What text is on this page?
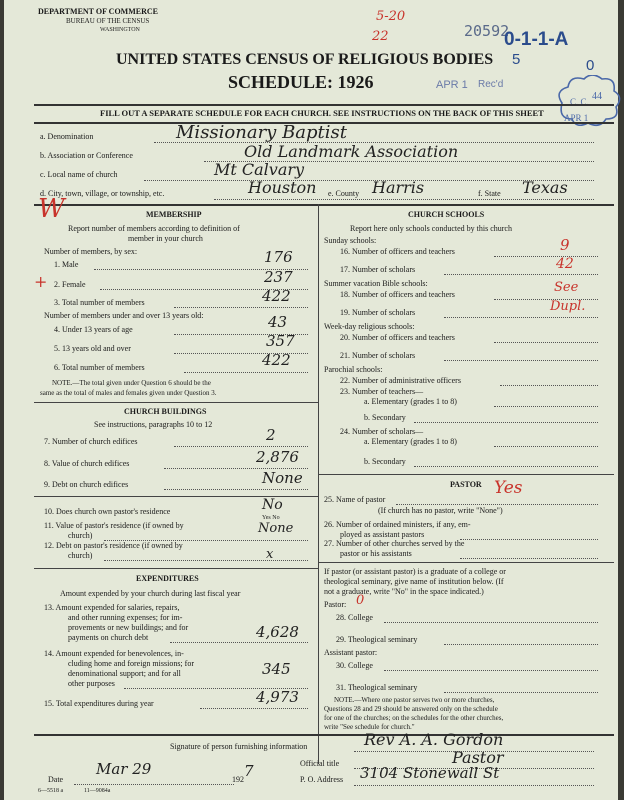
DEPARTMENT OF COMMERCE
BUREAU OF THE CENSUS
WASHINGTON
5-20
22	20592
0-1-1-A
5	0
UNITED STATES CENSUS OF RELIGIOUS BODIES
SCHEDULE: 1926	APR 1 Rec'd
C. C.
APR 1
44
FILL OUT A SEPARATE SCHEDULE FOR EACH CHURCH. SEE INSTRUCTIONS ON THE BACK OF THIS SHEET
a. Denomination	Missionary Baptist
b. Association or Conference	Old Landmark Association
c. Local name of church	Mt Calvary
d. City, town, village, or township, etc.	Houston e. County Harris	f. State Texas
W	MEMBERSHIP
Report number of members according to definition of
member in your church
Number of members, by sex:
1. Male	176
+ 2. Female	237
3. Total number of members	422
Number of members under and over 13 years old:
4. Under 13 years of age	43
5. 13 years old and over	357
6. Total number of members	422
NOTE.—The total given under Question 6 should be the
same as the total of males and females given under Question 3.
CHURCH BUILDINGS
See instructions, paragraphs 10 to 12
7. Number of church edifices	2
8. Value of church edifices	2,876
9. Debt on church edifices	None
10. Does church own pastor's residence	No
Yes No
11. Value of pastor's residence (if owned by
church)	None
12. Debt on pastor's residence (if owned by
church)	x
EXPENDITURES
Amount expended by your church during last fiscal year
13. Amount expended for salaries, repairs,
and other running expenses; for im-
provements or new buildings; and for
payments on church debt	4,628
14. Amount expended for benevolences, in-
cluding home and foreign missions; for
denominational support; and for all
other purposes
345
15. Total expenditures during year	4,973
CHURCH SCHOOLS
Report here only schools conducted by this church
Sunday schools:
16. Number of officers and teachers	9
17. Number of scholars	42
Summer vacation Bible schools:
18. Number of officers and teachers	See
19. Number of scholars	Dupl.
Week-day religious schools:
20. Number of officers and teachers
21. Number of scholars
Parochial schools:
22. Number of administrative officers
23. Number of teachers—
a. Elementary (grades 1 to 8)
b. Secondary
24. Number of scholars—
a. Elementary (grades 1 to 8)
b. Secondary
PASTOR
25. Name of pastor
Yes
(If church has no pastor, write "None")
26. Number of ordained ministers, if any, em-
ployed as assistant pastors
27. Number of other churches served by the
pastor or his assistants
If pastor (or assistant pastor) is a graduate of a college or
theological seminary, give name of institution below. (If
not a graduate, write "No" in the space indicated.)
Pastor: 0
28. College
29. Theological seminary
Assistant pastor:
30. College
31. Theological seminary
NOTE.—Where one pastor serves two or more churches,
Questions 28 and 29 should be answered only on the schedule
for one of the churches; on the schedules for the other churches,
write "See schedule for church."
Signature of person furnishing information	Rev A. A. Gordon
Official title	Pastor
Date
Mar 29
192 7	P. O. Address 3104 Stonewall St
6—5518 a	11—9084a
